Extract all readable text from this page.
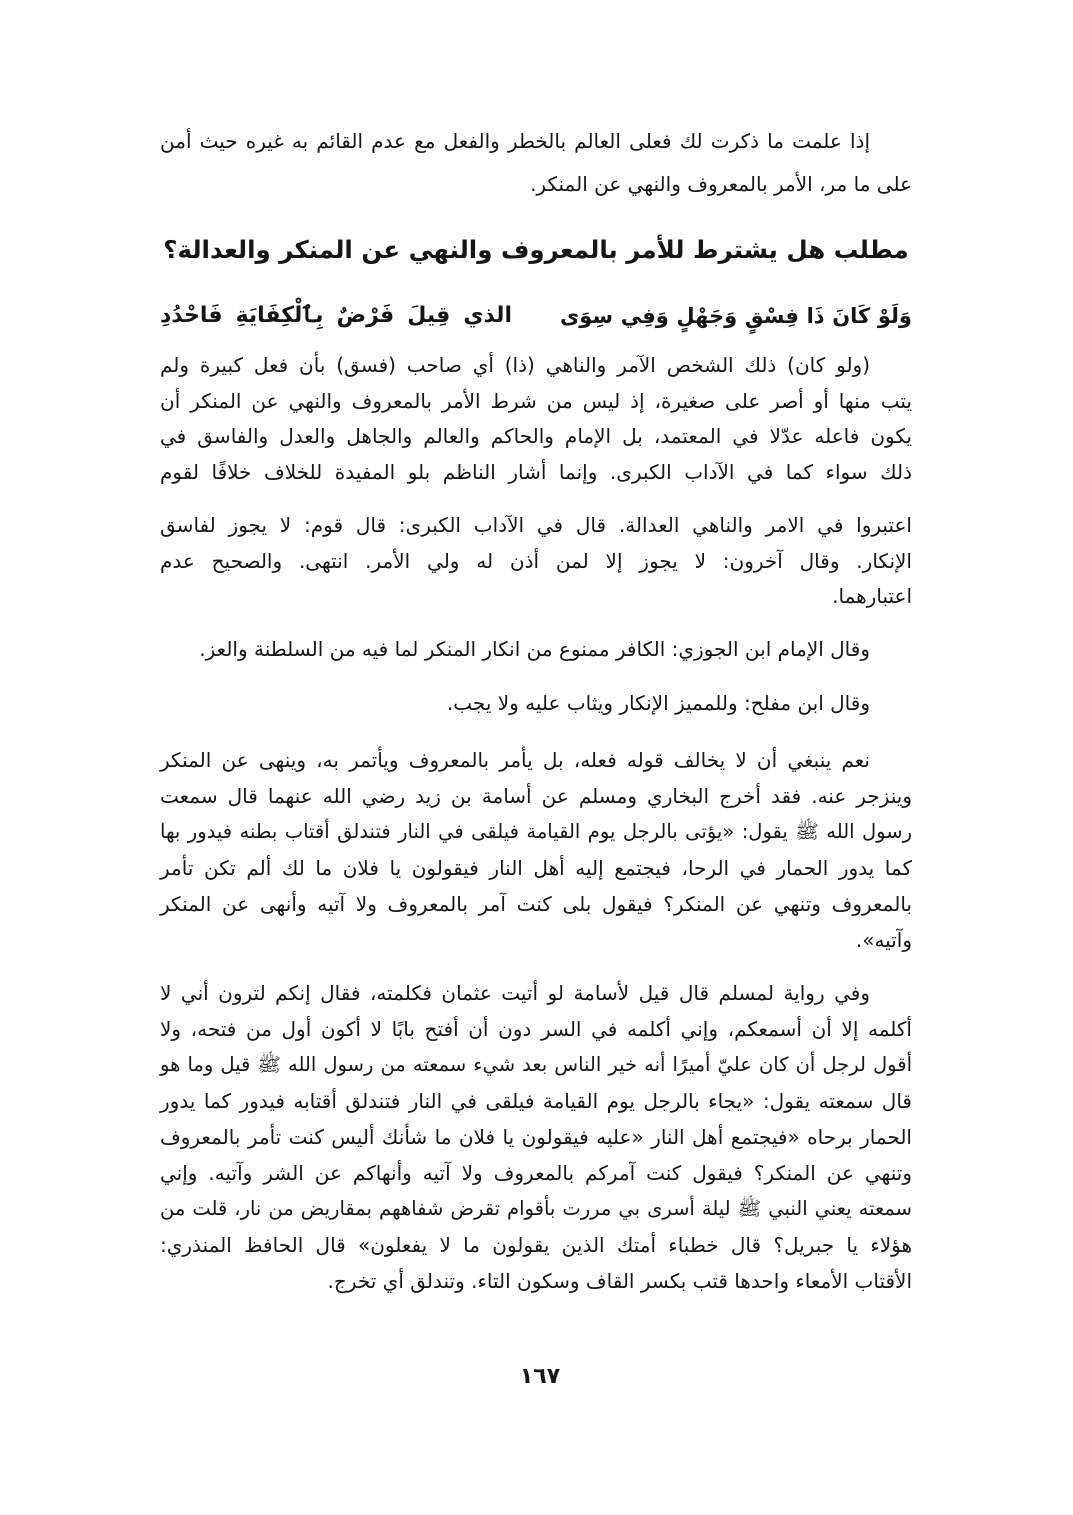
إذا علمت ما ذكرت لك فعلى العالم بالخطر والفعل مع عدم القائم به غيره حيث أمن
على ما مر، الأمر بالمعروف والنهي عن المنكر.
مطلب هل يشترط للأمر بالمعروف والنهي عن المنكر والعدالة؟
وَلَوْ كَانَ ذَا فِسْقٍ وَجَهْلٍ وَفِي سِوَى
الذي قِيلَ فَرْضٌ بِٱلْكِفَايَةِ فَاحْدُدِ
(ولو كان) ذلك الشخص الآمر والناهي (ذا) أي صاحب (فسق) بأن فعل كبيرة ولم
يتب منها أو أصر على صغيرة، إذ ليس من شرط الأمر بالمعروف والنهي عن المنكر أن
يكون فاعله عدّلا في المعتمد، بل الإمام والحاكم والعالم والجاهل والعدل والفاسق في
ذلك سواء كما في الآداب الكبرى. وإنما أشار الناظم بلو المفيدة للخلاف خلافًا لقوم
اعتبروا في الامر والناهي العدالة. قال في الآداب الكبرى: قال قوم: لا يجوز لفاسق
الإنكار. وقال آخرون: لا يجوز إلا لمن أذن له ولي الأمر. انتهى. والصحيح عدم
اعتبارهما.
وقال الإمام ابن الجوزي: الكافر ممنوع من انكار المنكر لما فيه من السلطنة والعز.
وقال ابن مفلح: وللمميز الإنكار ويثاب عليه ولا يجب.
نعم ينبغي أن لا يخالف قوله فعله، بل يأمر بالمعروف ويأتمر به، وينهى عن المنكر
وينزجر عنه. فقد أخرج البخاري ومسلم عن أسامة بن زيد رضي الله عنهما قال سمعت
رسول الله ﷺ يقول: «يؤتى بالرجل يوم القيامة فيلقى في النار فتندلق أقتاب بطنه فيدور بها
كما يدور الحمار في الرحا، فيجتمع إليه أهل النار فيقولون يا فلان ما لك ألم تكن تأمر
بالمعروف وتنهي عن المنكر؟ فيقول بلى كنت آمر بالمعروف ولا آتيه وأنهى عن المنكر
وآتيه».
وفي رواية لمسلم قال قيل لأسامة لو أتيت عثمان فكلمته، فقال إنكم لترون أني لا
أكلمه إلا أن أسمعكم، وإني أكلمه في السر دون أن أفتح بابًا لا أكون أول من فتحه، ولا
أقول لرجل أن كان عليّ أميرًا أنه خير الناس بعد شيء سمعته من رسول الله ﷺ قيل وما هو
قال سمعته يقول: «يجاء بالرجل يوم القيامة فيلقى في النار فتندلق أقتابه فيدور كما يدور
الحمار برحاه «فيجتمع أهل النار «عليه فيقولون يا فلان ما شأنك أليس كنت تأمر بالمعروف
وتنهي عن المنكر؟ فيقول كنت آمركم بالمعروف ولا آتيه وأنهاكم عن الشر وآتيه. وإني
سمعته يعني النبي ﷺ ليلة أسرى بي مررت بأقوام تقرض شفاههم بمقاريض من نار، قلت من
هؤلاء يا جبريل؟ قال خطباء أمتك الذين يقولون ما لا يفعلون» قال الحافظ المنذري:
الأقتاب الأمعاء واحدها قتب بكسر القاف وسكون التاء. وتندلق أي تخرج.
١٦٧
